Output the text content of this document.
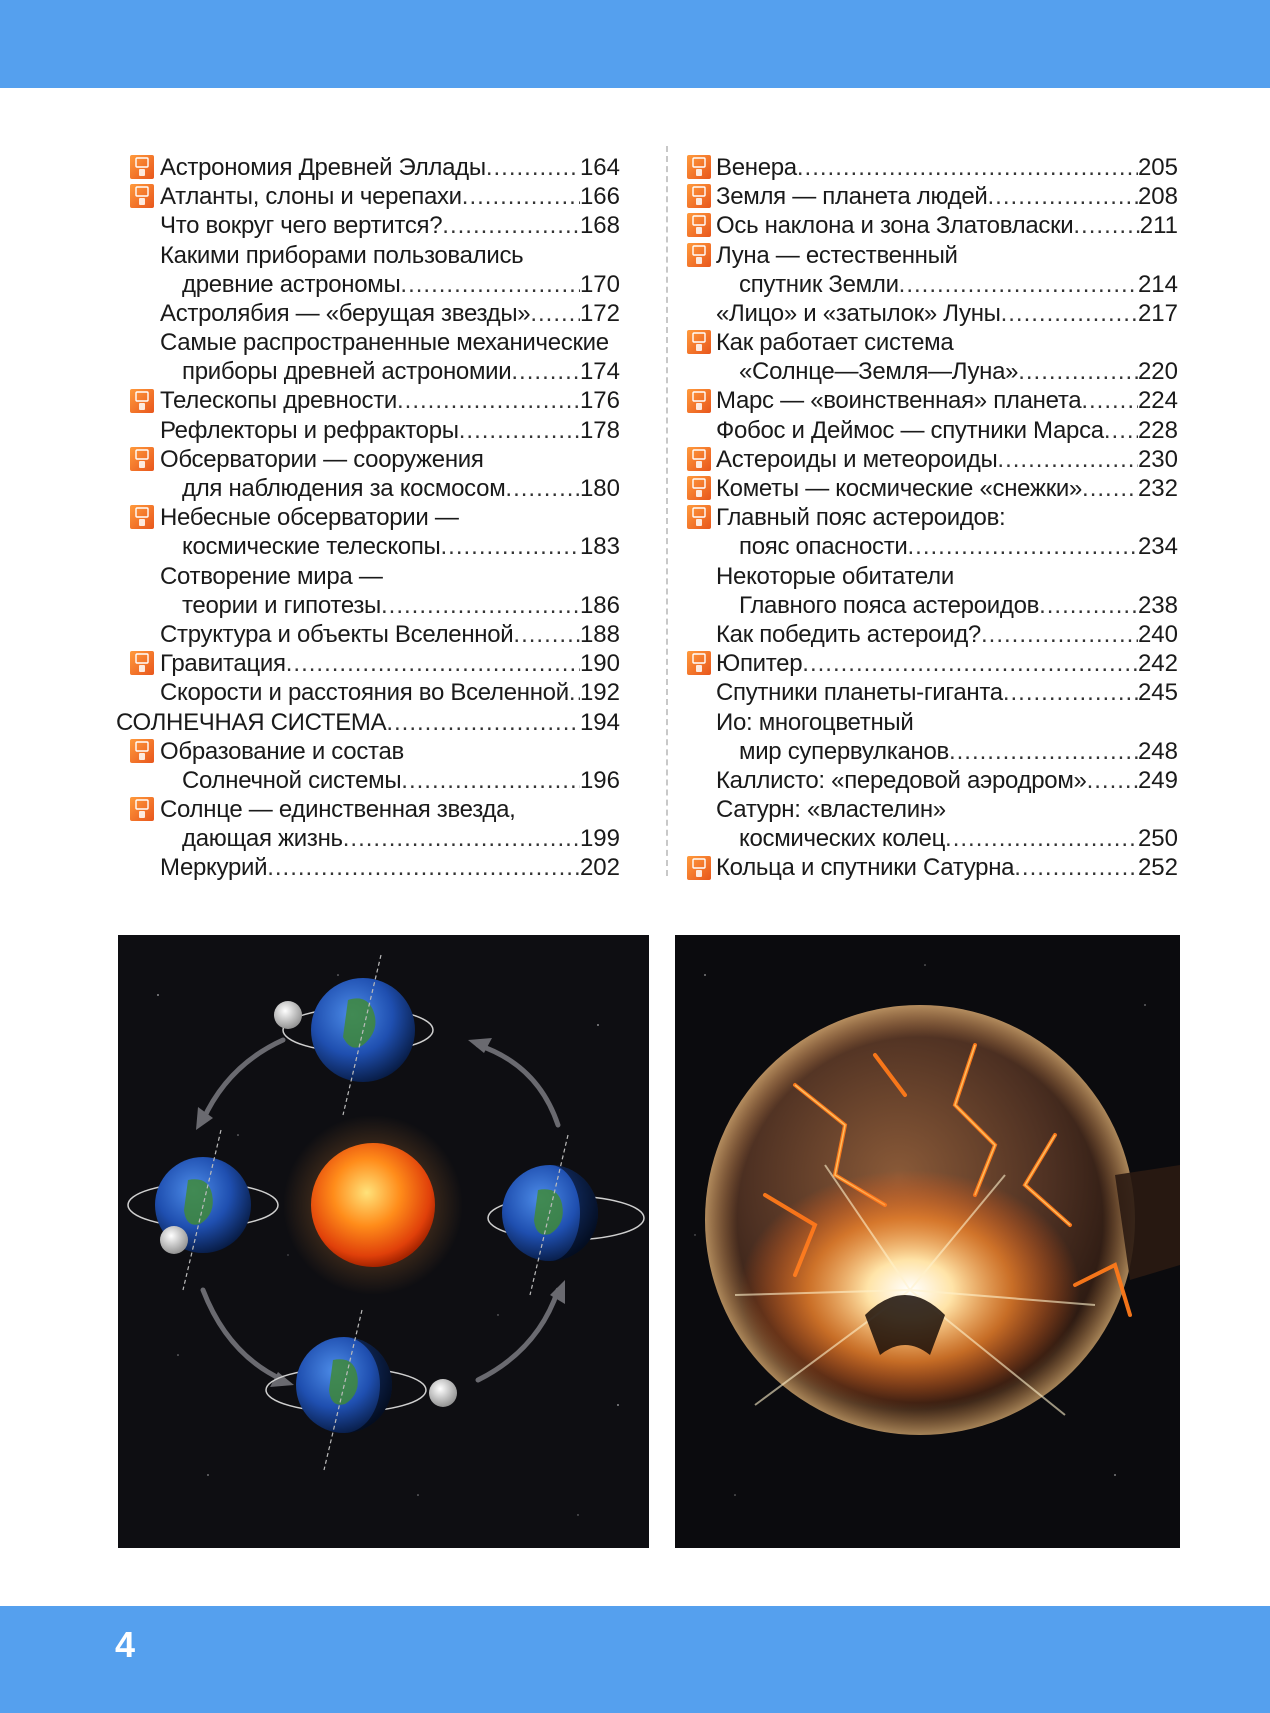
Астрономия Древней Эллады .....	164
Атланты, слоны и черепахи .....	166
Что вокруг чего вертится? .....	168
Какими приборами пользовались
древние астрономы .....	170
Астролябия — «берущая звезды» ..... 172
Самые распространенные механические
приборы древней астрономии .....	174
Телескопы древности .....	176
Рефлекторы и рефракторы .....	178
Обсерватории — сооружения
для наблюдения за космосом .....	180
Небесные обсерватории —
космические телескопы .....	183
Сотворение мира —
теории и гипотезы .....	186
Структура и объекты Вселенной .....	188
Гравитация .....	190
Скорости и расстояния во Вселенной ..... 192
СОЛНЕЧНАЯ СИСТЕМА .....	194
Образование и состав
Солнечной системы .....	196
Солнце — единственная звезда,
дающая жизнь .....	199
Меркурий .....	202
Венера .....	205
Земля — планета людей .....	208
Ось наклона и зона Златовласки .....	211
Луна — естественный
спутник Земли .....	214
«Лицо» и «затылок» Луны .....	217
Как работает система
«Солнце—Земля—Луна» .....	220
Марс — «воинственная» планета ..... 224
Фобос и Деймос — спутники Марса ..... 228
Астероиды и метеороиды .....	230
Кометы — космические «снежки» ..... 232
Главный пояс астероидов:
пояс опасности .....	234
Некоторые обитатели
Главного пояса астероидов .....	238
Как победить астероид? .....	240
Юпитер .....	242
Спутники планеты-гиганта .....	245
Ио: многоцветный
мир супервулканов .....	248
Каллисто: «передовой аэродром» ..... 249
Сатурн: «властелин»
космических колец .....	250
Кольца и спутники Сатурна .....	252
4
